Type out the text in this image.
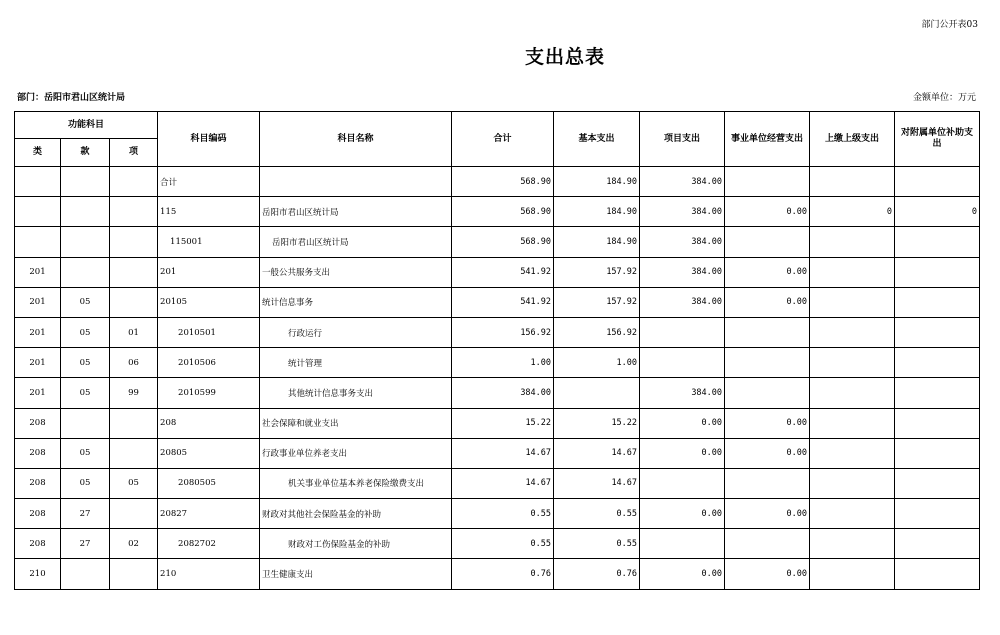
部门公开表03
支出总表
部门：岳阳市君山区统计局	金额单位：万元
功能科目			科目编码	科目名称	合计	基本支出	项目支出	事业单位经营支出	上缴上级支出	对附属单位补助支出
类	款	项								
			合计		568.90	184.90	384.00			
			115	岳阳市君山区统计局	568.90	184.90	384.00	0.00	0	0
			115001	岳阳市君山区统计局	568.90	184.90	384.00			
201			201	一般公共服务支出	541.92	157.92	384.00	0.00		
201	05		20105	统计信息事务	541.92	157.92	384.00	0.00		
201	05	01	2010501	行政运行	156.92	156.92				
201	05	06	2010506	统计管理	1.00	1.00				
201	05	99	2010599	其他统计信息事务支出	384.00		384.00			
208			208	社会保障和就业支出	15.22	15.22	0.00	0.00		
208	05		20805	行政事业单位养老支出	14.67	14.67	0.00	0.00		
208	05	05	2080505	机关事业单位基本养老保险缴费支出	14.67	14.67				
208	27		20827	财政对其他社会保险基金的补助	0.55	0.55	0.00	0.00		
208	27	02	2082702	财政对工伤保险基金的补助	0.55	0.55				
210			210	卫生健康支出	0.76	0.76	0.00	0.00		
